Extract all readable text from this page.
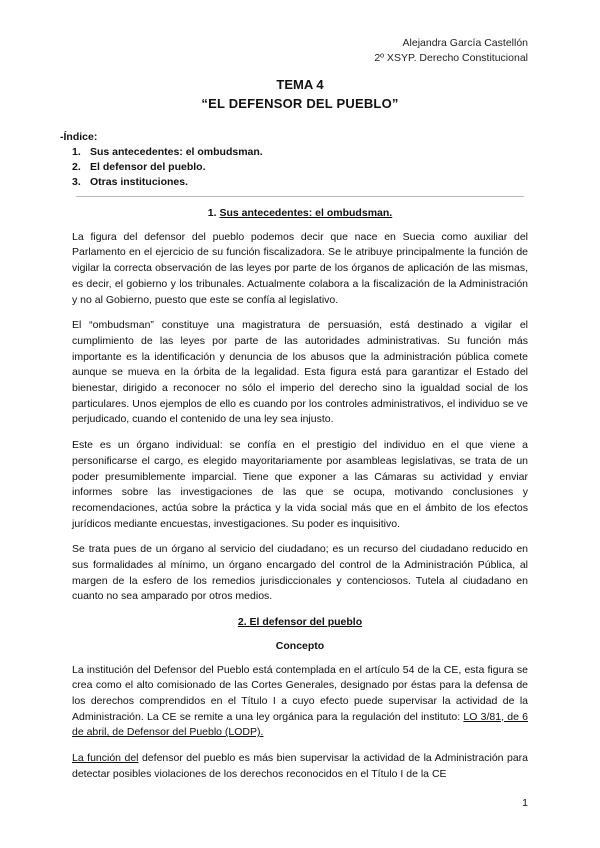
Alejandra García Castellón
2º XSYP. Derecho Constitucional
TEMA 4
“EL DEFENSOR DEL PUEBLO”
-Índice:
1. Sus antecedentes: el ombudsman.
2. El defensor del pueblo.
3. Otras instituciones.
1. Sus antecedentes: el ombudsman.

La figura del defensor del pueblo podemos decir que nace en Suecia como auxiliar del Parlamento en el ejercicio de su función fiscalizadora. Se le atribuye principalmente la función de vigilar la correcta observación de las leyes por parte de los órganos de aplicación de las mismas, es decir, el gobierno y los tribunales. Actualmente colabora a la fiscalización de la Administración y no al Gobierno, puesto que este se confía al legislativo.

El “ombudsman” constituye una magistratura de persuasión, está destinado a vigilar el cumplimiento de las leyes por parte de las autoridades administrativas. Su función más importante es la identificación y denuncia de los abusos que la administración pública comete aunque se mueva en la órbita de la legalidad. Esta figura está para garantizar el Estado del bienestar, dirigido a reconocer no sólo el imperio del derecho sino la igualdad social de los particulares. Unos ejemplos de ello es cuando por los controles administrativos, el individuo se ve perjudicado, cuando el contenido de una ley sea injusto.

Este es un órgano individual: se confía en el prestigio del individuo en el que viene a personificarse el cargo, es elegido mayoritariamente por asambleas legislativas, se trata de un poder presumiblemente imparcial. Tiene que exponer a las Cámaras su actividad y enviar informes sobre las investigaciones de las que se ocupa, motivando conclusiones y recomendaciones, actúa sobre la práctica y la vida social más que en el ámbito de los efectos jurídicos mediante encuestas, investigaciones. Su poder es inquisitivo.

Se trata pues de un órgano al servicio del ciudadano; es un recurso del ciudadano reducido en sus formalidades al mínimo, un órgano encargado del control de la Administración Pública, al margen de la esfero de los remedios jurisdiccionales y contenciosos. Tutela al ciudadano en cuanto no sea amparado por otros medios.

2. El defensor del pueblo
Concepto

La institución del Defensor del Pueblo está contemplada en el artículo 54 de la CE, esta figura se crea como el alto comisionado de las Cortes Generales, designado por éstas para la defensa de los derechos comprendidos en el Título I a cuyo efecto puede supervisar la actividad de la Administración. La CE se remite a una ley orgánica para la regulación del instituto: LO 3/81, de 6 de abril, de Defensor del Pueblo (LODP).

La función del defensor del pueblo es más bien supervisar la actividad de la Administración para detectar posibles violaciones de los derechos reconocidos en el Título I de la CE

1
